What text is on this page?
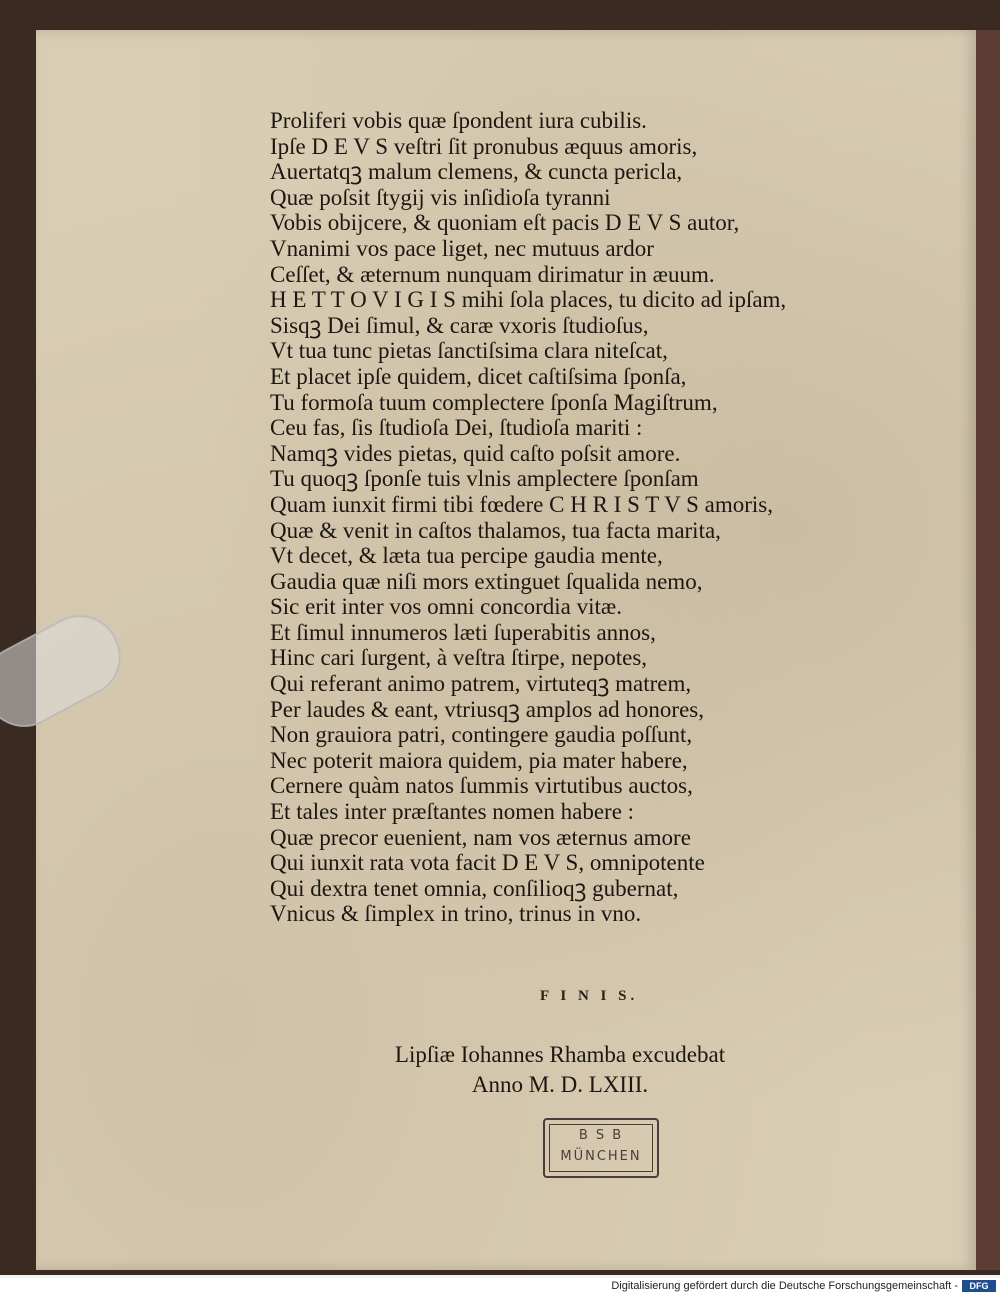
Proliferi vobis quæ ſpondent iura cubilis.
Ipſe D E V S veſtri ſit pronubus æquus amoris,
Auertatqꝫ malum clemens, & cuncta pericla,
Quæ poſsit ſtygij vis inſidioſa tyranni
Vobis obijcere, & quoniam eſt pacis D E V S autor,
Vnanimi vos pace liget, nec mutuus ardor
Ceſſet, & æternum nunquam dirimatur in æuum.
H E T T O V I G I S mihi ſola places, tu dicito ad ipſam,
Sisqꝫ Dei ſimul, & caræ vxoris ſtudioſus,
Vt tua tunc pietas ſanctiſsima clara niteſcat,
Et placet ipſe quidem, dicet caſtiſsima ſponſa,
Tu formoſa tuum complectere ſponſa Magiſtrum,
Ceu fas, ſis ſtudioſa Dei, ſtudioſa mariti :
Namqꝫ vides pietas, quid caſto poſsit amore.
Tu quoqꝫ ſponſe tuis vlnis amplectere ſponſam
Quam iunxit firmi tibi fœdere C H R I S T V S amoris,
Quæ & venit in caſtos thalamos, tua facta marita,
Vt decet, & læta tua percipe gaudia mente,
Gaudia quæ niſi mors extinguet ſqualida nemo,
Sic erit inter vos omni concordia vitæ.
Et ſimul innumeros læti ſuperabitis annos,
Hinc cari ſurgent, à veſtra ſtirpe, nepotes,
Qui referant animo patrem, virtuteqꝫ matrem,
Per laudes & eant, vtriusqꝫ amplos ad honores,
Non grauiora patri, contingere gaudia poſſunt,
Nec poterit maiora quidem, pia mater habere,
Cernere quàm natos ſummis virtutibus auctos,
Et tales inter præſtantes nomen habere :
Quæ precor euenient, nam vos æternus amore
Qui iunxit rata vota facit D E V S, omnipotente
Qui dextra tenet omnia, conſilioqꝫ gubernat,
Vnicus & ſimplex in trino, trinus in vno.
F I N I S.
Lipſiæ Iohannes Rhamba excudebat
Anno M. D. LXIII.
B S B
MÜNCHEN
Digitalisierung gefördert durch die Deutsche Forschungsgemeinschaft -	DFG
